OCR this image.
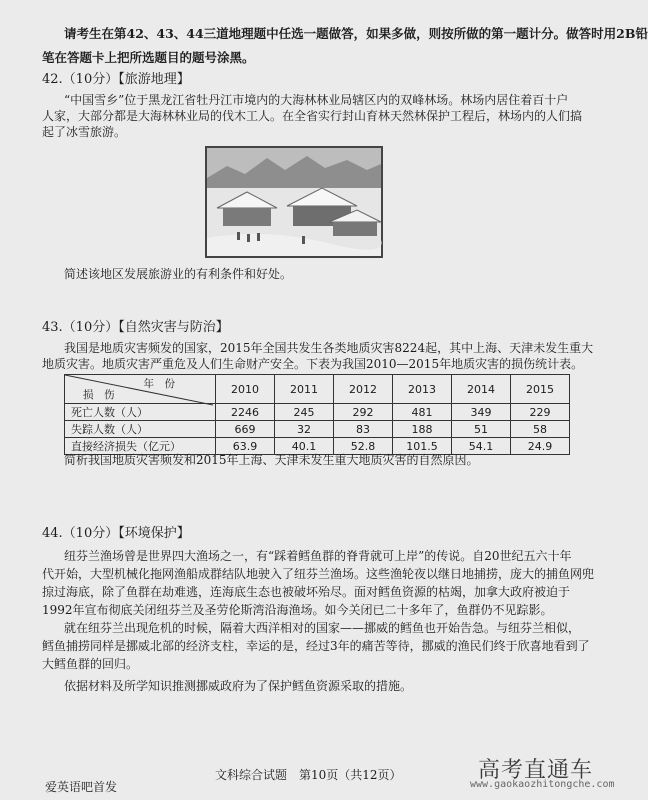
请考生在第42、43、44三道地理题中任选一题做答，如果多做，则按所做的第一题计分。做答时用2B铅
笔在答题卡上把所选题目的题号涂黑。
42.（10分）【旅游地理】
“中国雪乡”位于黑龙江省牡丹江市境内的大海林林业局辖区内的双峰林场。林场内居住着百十户
人家，大部分都是大海林林业局的伐木工人。在全省实行封山育林天然林保护工程后，林场内的人们搞
起了冰雪旅游。
简述该地区发展旅游业的有利条件和好处。
43.（10分）【自然灾害与防治】
我国是地质灾害频发的国家，2015年全国共发生各类地质灾害8224起，其中上海、天津未发生重大
地质灾害。地质灾害严重危及人们生命财产安全。下表为我国2010—2015年地质灾害的损伤统计表。
年　份
损　伤	2010	2011	2012	2013	2014	2015
死亡人数（人）	2246	245	292	481	349	229
失踪人数（人）	669	32	83	188	51	58
直接经济损失（亿元）	63.9	40.1	52.8	101.5	54.1	24.9
简析我国地质灾害频发和2015年上海、天津未发生重大地质灾害的自然原因。
44.（10分）【环境保护】
纽芬兰渔场曾是世界四大渔场之一，有“踩着鳕鱼群的脊背就可上岸”的传说。自20世纪五六十年
代开始，大型机械化拖网渔船成群结队地驶入了纽芬兰渔场。这些渔轮夜以继日地捕捞，庞大的捕鱼网兜
掠过海底，除了鱼群在劫难逃，连海底生态也被破坏殆尽。面对鳕鱼资源的枯竭，加拿大政府被迫于
1992年宣布彻底关闭纽芬兰及圣劳伦斯湾沿海渔场。如今关闭已二十多年了，鱼群仍不见踪影。
就在纽芬兰出现危机的时候，隔着大西洋相对的国家——挪威的鳕鱼也开始告急。与纽芬兰相似，
鳕鱼捕捞同样是挪威北部的经济支柱，幸运的是，经过3年的痛苦等待，挪威的渔民们终于欣喜地看到了
大鳕鱼群的回归。
依据材料及所学知识推测挪威政府为了保护鳕鱼资源采取的措施。
文科综合试题　第10页（共12页）
爱英语吧首发
高考直通车
www.gaokaozhitongche.com
